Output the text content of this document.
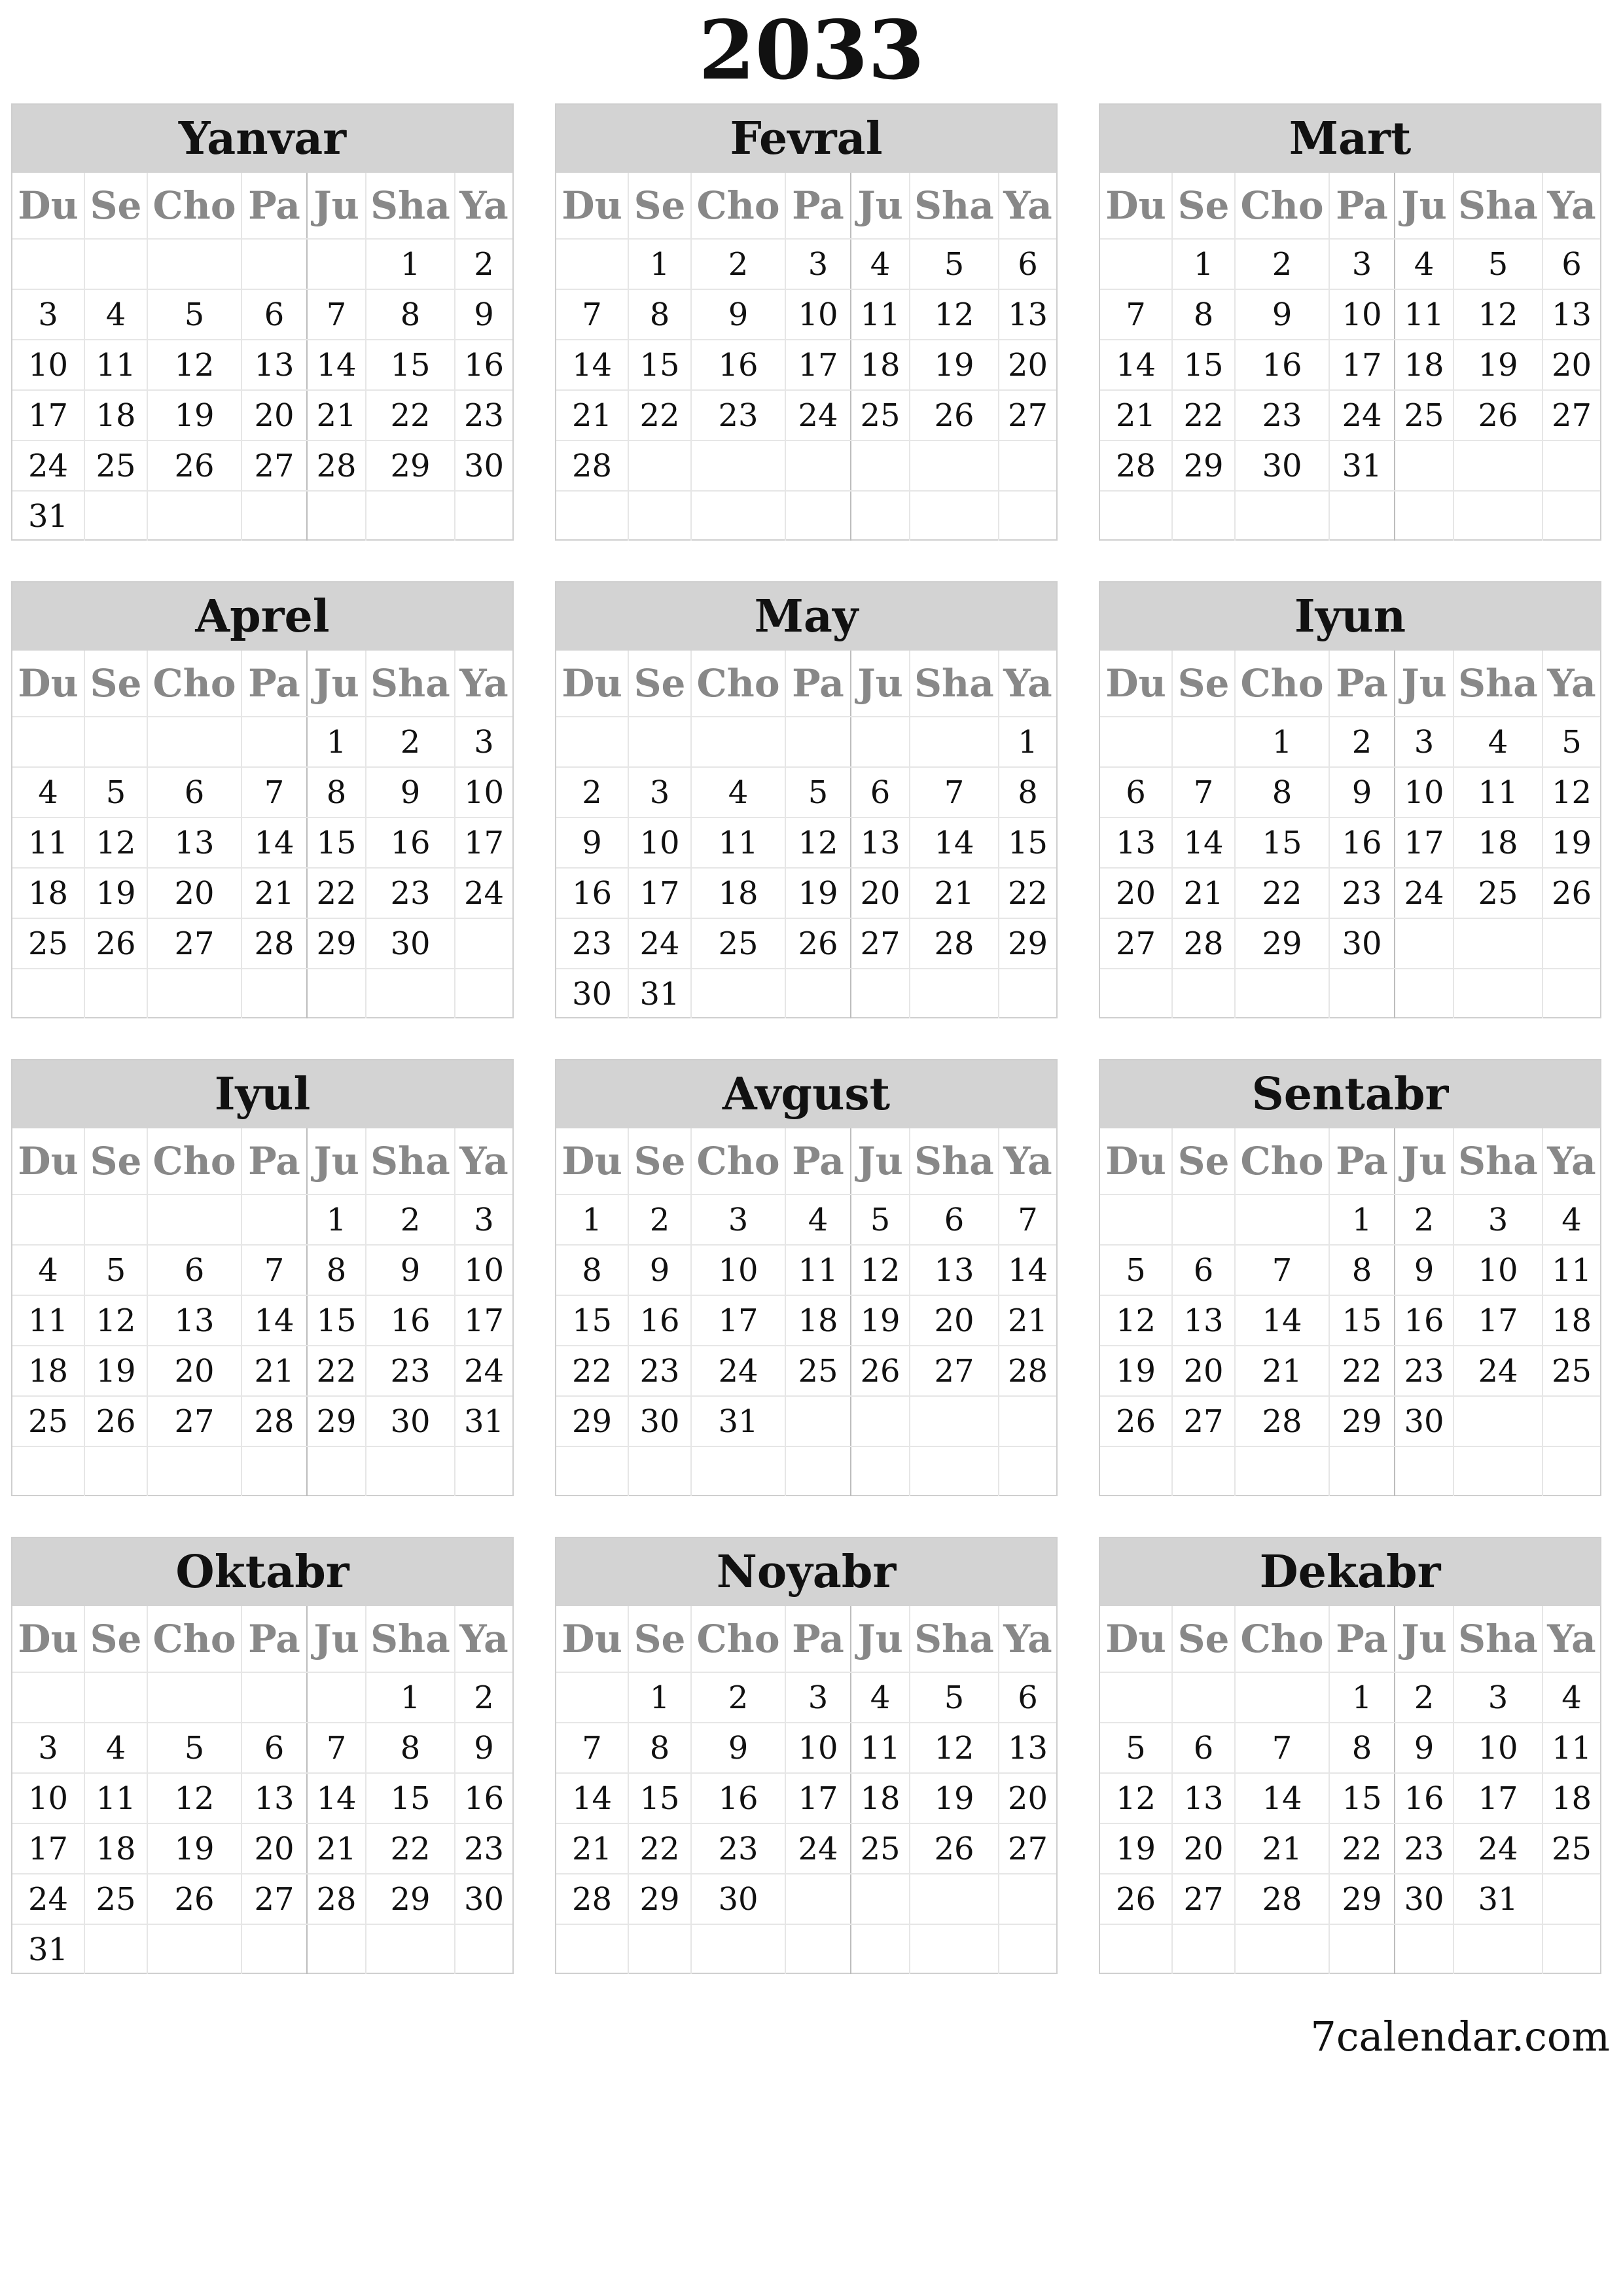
2033
Yanvar
Du	Se	Cho	Pa	Ju	Sha	Ya
					1	2
3	4	5	6	7	8	9
10	11	12	13	14	15	16
17	18	19	20	21	22	23
24	25	26	27	28	29	30
31						
Fevral
Du	Se	Cho	Pa	Ju	Sha	Ya
	1	2	3	4	5	6
7	8	9	10	11	12	13
14	15	16	17	18	19	20
21	22	23	24	25	26	27
28						

Mart
Du	Se	Cho	Pa	Ju	Sha	Ya
	1	2	3	4	5	6
7	8	9	10	11	12	13
14	15	16	17	18	19	20
21	22	23	24	25	26	27
28	29	30	31			

Aprel
Du	Se	Cho	Pa	Ju	Sha	Ya
				1	2	3
4	5	6	7	8	9	10
11	12	13	14	15	16	17
18	19	20	21	22	23	24
25	26	27	28	29	30	

May
Du	Se	Cho	Pa	Ju	Sha	Ya
						1
2	3	4	5	6	7	8
9	10	11	12	13	14	15
16	17	18	19	20	21	22
23	24	25	26	27	28	29
30	31					
Iyun
Du	Se	Cho	Pa	Ju	Sha	Ya
		1	2	3	4	5
6	7	8	9	10	11	12
13	14	15	16	17	18	19
20	21	22	23	24	25	26
27	28	29	30			

Iyul
Du	Se	Cho	Pa	Ju	Sha	Ya
				1	2	3
4	5	6	7	8	9	10
11	12	13	14	15	16	17
18	19	20	21	22	23	24
25	26	27	28	29	30	31

Avgust
Du	Se	Cho	Pa	Ju	Sha	Ya
1	2	3	4	5	6	7
8	9	10	11	12	13	14
15	16	17	18	19	20	21
22	23	24	25	26	27	28
29	30	31				

Sentabr
Du	Se	Cho	Pa	Ju	Sha	Ya
			1	2	3	4
5	6	7	8	9	10	11
12	13	14	15	16	17	18
19	20	21	22	23	24	25
26	27	28	29	30		

Oktabr
Du	Se	Cho	Pa	Ju	Sha	Ya
					1	2
3	4	5	6	7	8	9
10	11	12	13	14	15	16
17	18	19	20	21	22	23
24	25	26	27	28	29	30
31						
Noyabr
Du	Se	Cho	Pa	Ju	Sha	Ya
	1	2	3	4	5	6
7	8	9	10	11	12	13
14	15	16	17	18	19	20
21	22	23	24	25	26	27
28	29	30				

Dekabr
Du	Se	Cho	Pa	Ju	Sha	Ya
			1	2	3	4
5	6	7	8	9	10	11
12	13	14	15	16	17	18
19	20	21	22	23	24	25
26	27	28	29	30	31	

7calendar.com
